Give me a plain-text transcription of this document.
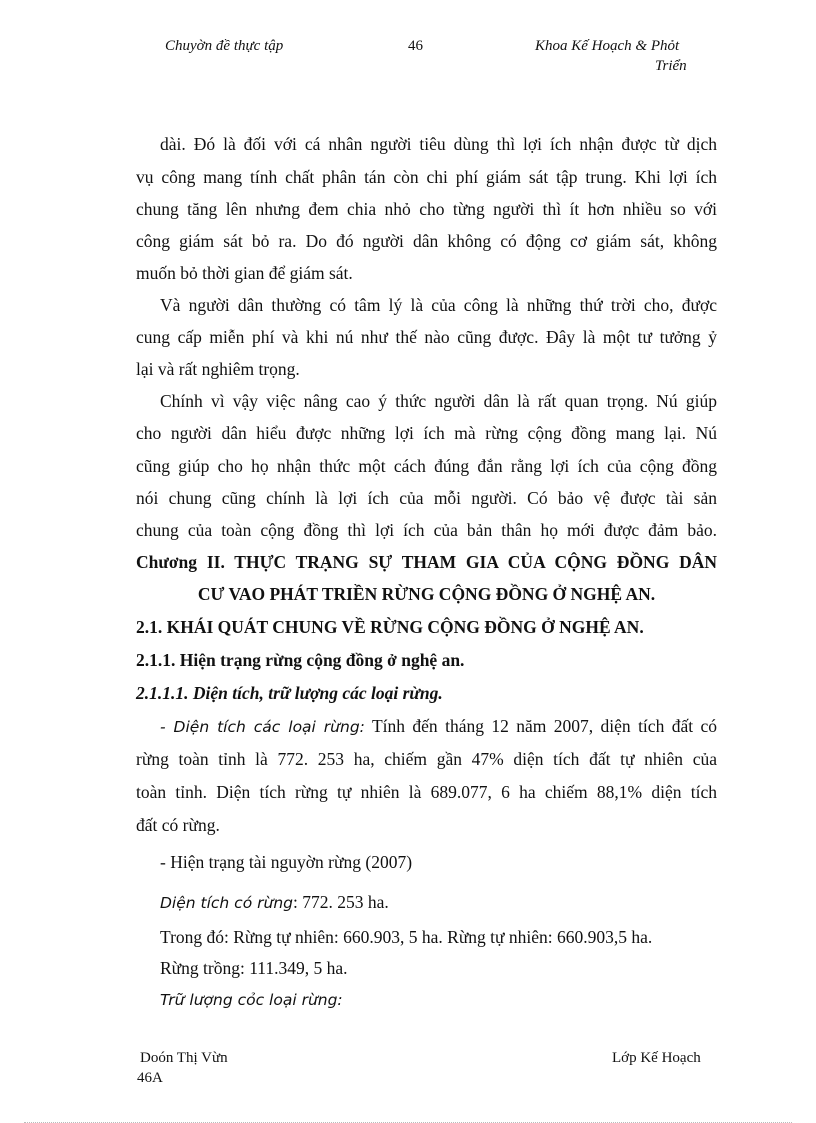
Chuyờn đề thực tập	46	Khoa Kế Hoạch & Phỏt
Triển
dài. Đó là đối với cá nhân người tiêu dùng thì lợi ích nhận được từ dịch
vụ công mang tính chất phân tán còn chi phí giám sát tập trung. Khi lợi ích
chung tăng lên nhưng đem chia nhỏ cho từng người thì ít hơn nhiều so với
công giám sát bỏ ra. Do đó người dân không có động cơ giám sát, không
muốn bỏ thời gian để giám sát.
Và người dân thường có tâm lý là của công là những thứ trời cho, được
cung cấp miễn phí và khi nú như thế nào cũng được. Đây là một tư tưởng ỷ
lại và rất nghiêm trọng.
Chính vì vậy việc nâng cao ý thức người dân là rất quan trọng. Nú giúp
cho người dân hiểu được những lợi ích mà rừng cộng đồng mang lại. Nú
cũng giúp cho họ nhận thức một cách đúng đắn rằng lợi ích của cộng đồng
nói chung cũng chính là lợi ích của mỗi người. Có bảo vệ được tài sản
chung của toàn cộng đồng thì lợi ích của bản thân họ mới được đảm bảo.
Chương II. THỰC TRẠNG SỰ THAM GIA CỦA CỘNG ĐỒNG DÂN
CƯ VAO PHÁT TRIỀN RỪNG CỘNG ĐỒNG Ở NGHỆ AN.
2.1. KHÁI QUÁT CHUNG VỀ RỪNG CỘNG ĐỒNG Ở NGHỆ AN.
2.1.1. Hiện trạng rừng cộng đồng ở nghệ an.
2.1.1.1. Diện tích, trữ lượng các loại rừng.
- Diện tích các loại rừng: Tính đến tháng 12 năm 2007, diện tích đất có
rừng toàn tỉnh là 772. 253 ha, chiếm gần 47% diện tích đất tự nhiên của
toàn tỉnh. Diện tích rừng tự nhiên là 689.077, 6 ha chiếm 88,1% diện tích
đất có rừng.
- Hiện trạng tài nguyờn rừng (2007)
Diện tích có rừng: 772. 253 ha.
Trong đó: Rừng tự nhiên: 660.903, 5 ha. Rừng tự nhiên: 660.903,5 ha.
Rừng trồng: 111.349, 5 ha.
Trữ lượng cỏc loại rừng:
Doón Thị Vừn
46A
Lớp Kế Hoạch
